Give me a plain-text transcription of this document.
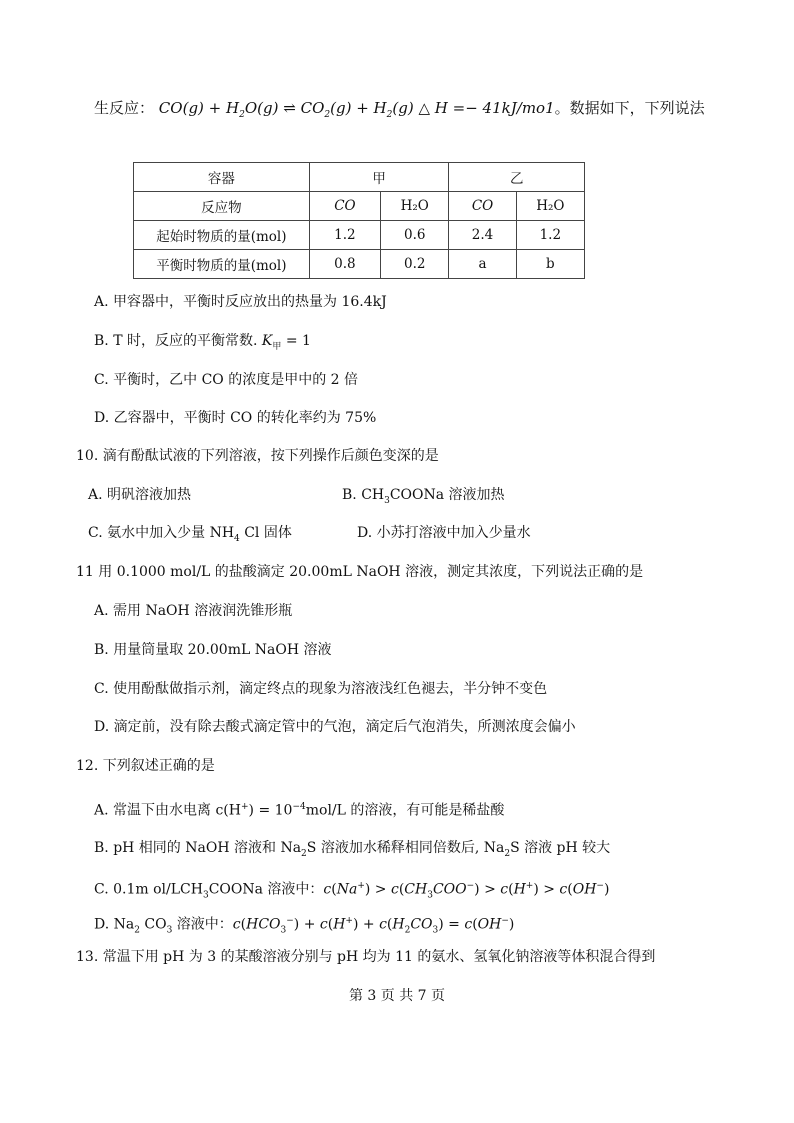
生反应： $CO(g) + H_2O(g)$ ⇌ $CO_2(g) + H_2(g)$ △ H =− 41kJ/mo1。数据如下，下列说法
容器	甲		乙	
反应物	CO	H₂O	CO	H₂O
起始时物质的量(mol)	1.2	0.6	2.4	1.2
平衡时物质的量(mol)	0.8	0.2	a	b
A. 甲容器中，平衡时反应放出的热量为 16.4kJ
B. T 时，反应的平衡常数. $K_甲 = 1$
C. 平衡时，乙中 CO 的浓度是甲中的 2 倍
D. 乙容器中，平衡时 CO 的转化率约为 75%
10. 滴有酚酞试液的下列溶液，按下列操作后颜色变深的是
A. 明矾溶液加热	B. $CH_3COONa$ 溶液加热
C. 氨水中加入少量 $NH_4$ Cl 固体	D. 小苏打溶液中加入少量水
11 用 0.1000 mol/L 的盐酸滴定 20.00mL NaOH 溶液，测定其浓度，下列说法正确的是
A. 需用 NaOH 溶液润洗锥形瓶
B. 用量筒量取 20.00mL NaOH 溶液
C. 使用酚酞做指示剂，滴定终点的现象为溶液浅红色褪去，半分钟不变色
D. 滴定前，没有除去酸式滴定管中的气泡，滴定后气泡消失，所测浓度会偏小
12. 下列叙述正确的是
A. 常温下由水电离 $c(H^+) = 10^{-4}mol/L$ 的溶液，有可能是稀盐酸
B. pH 相同的 NaOH 溶液和 $Na_2S$ 溶液加水稀释相同倍数后, $Na_2S$ 溶液 pH 较大
C. 0.1m $ol/LCH_3COONa$ 溶液中：$c(Na^+) > c(CH_3COO^-) > c(H^+) > c(OH^-)$
D. $Na_2$ $CO_3$ 溶液中：$c(HCO_3^-) + c(H^+) + c(H_2CO_3) = c(OH^-)$
13. 常温下用 pH 为 3 的某酸溶液分别与 pH 均为 11 的氨水、氢氧化钠溶液等体积混合得到
第 3 页 共 7 页
